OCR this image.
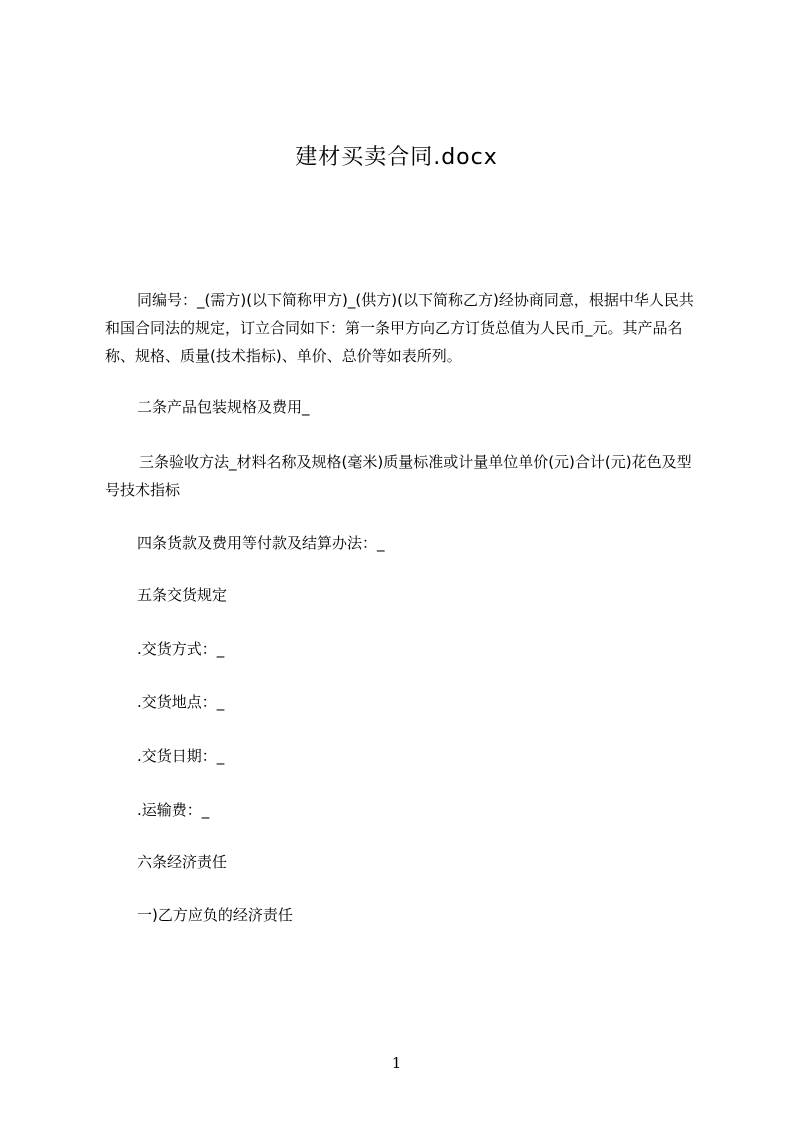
建材买卖合同.docx
同编号：_(需方)(以下简称甲方)_(供方)(以下简称乙方)经协商同意，根据中华人民共和国合同法的规定，订立合同如下：第一条甲方向乙方订货总值为人民币_元。其产品名称、规格、质量(技术指标)、单价、总价等如表所列。
二条产品包装规格及费用_
三条验收方法_材料名称及规格(毫米)质量标准或计量单位单价(元)合计(元)花色及型号技术指标
四条货款及费用等付款及结算办法：_
五条交货规定
.交货方式：_
.交货地点：_
.交货日期：_
.运输费：_
六条经济责任
一)乙方应负的经济责任
1
